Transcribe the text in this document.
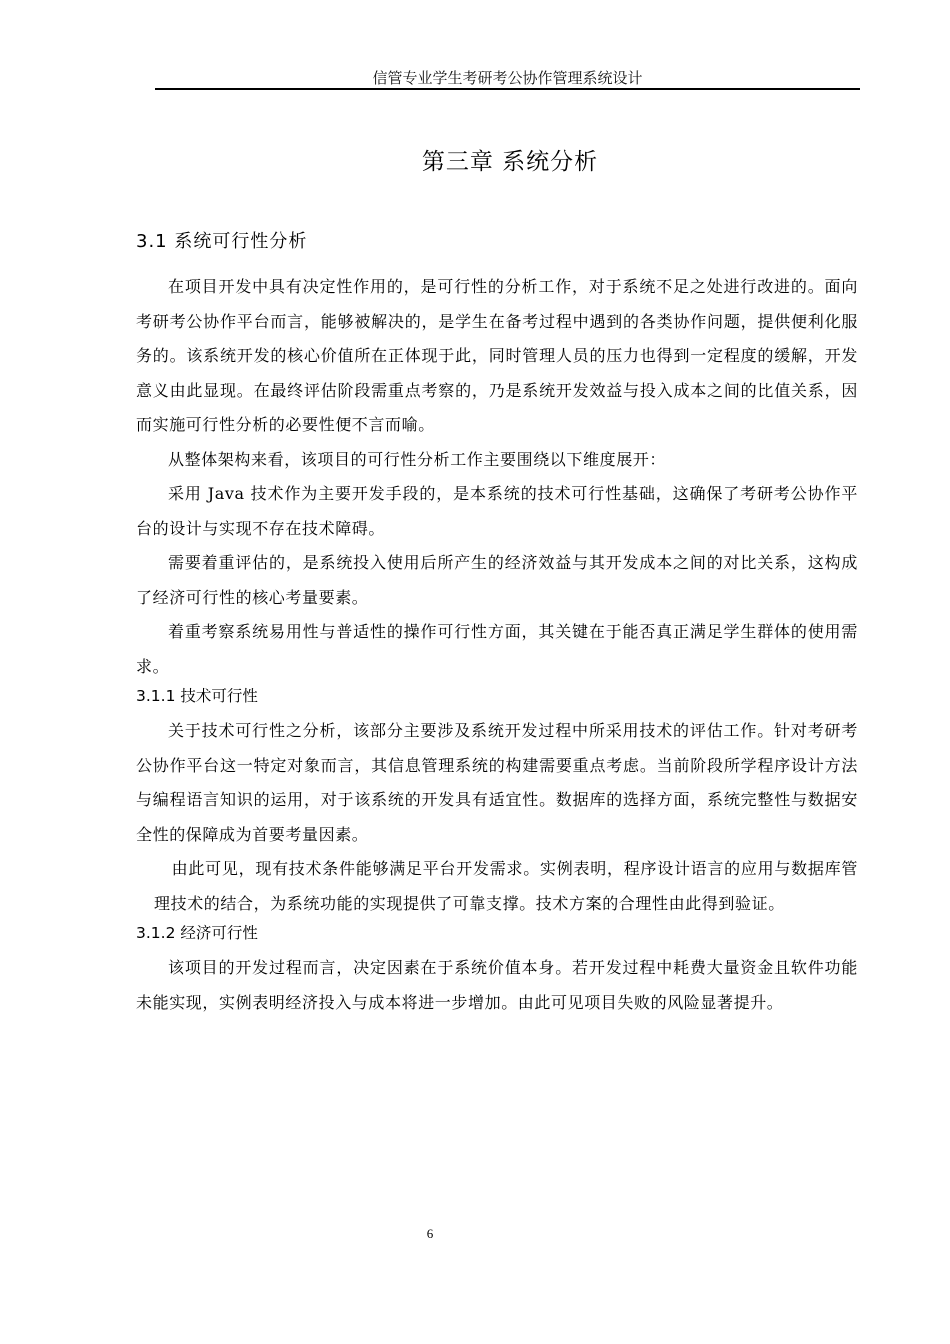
信管专业学生考研考公协作管理系统设计
第三章 系统分析
3.1 系统可行性分析

在项目开发中具有决定性作用的，是可行性的分析工作，对于系统不足之处进行改进的。面向考研考公协作平台而言，能够被解决的，是学生在备考过程中遇到的各类协作问题，提供便利化服务的。该系统开发的核心价值所在正体现于此，同时管理人员的压力也得到一定程度的缓解，开发意义由此显现。在最终评估阶段需重点考察的，乃是系统开发效益与投入成本之间的比值关系，因而实施可行性分析的必要性便不言而喻。

从整体架构来看，该项目的可行性分析工作主要围绕以下维度展开：

采用 Java 技术作为主要开发手段的，是本系统的技术可行性基础，这确保了考研考公协作平台的设计与实现不存在技术障碍。

需要着重评估的，是系统投入使用后所产生的经济效益与其开发成本之间的对比关系，这构成了经济可行性的核心考量要素。

着重考察系统易用性与普适性的操作可行性方面，其关键在于能否真正满足学生群体的使用需求。

3.1.1 技术可行性

关于技术可行性之分析，该部分主要涉及系统开发过程中所采用技术的评估工作。针对考研考公协作平台这一特定对象而言，其信息管理系统的构建需要重点考虑。当前阶段所学程序设计方法与编程语言知识的运用，对于该系统的开发具有适宜性。数据库的选择方面，系统完整性与数据安全性的保障成为首要考量因素。

由此可见，现有技术条件能够满足平台开发需求。实例表明，程序设计语言的应用与数据库管理技术的结合，为系统功能的实现提供了可靠支撑。技术方案的合理性由此得到验证。

3.1.2 经济可行性

该项目的开发过程而言，决定因素在于系统价值本身。若开发过程中耗费大量资金且软件功能未能实现，实例表明经济投入与成本将进一步增加。由此可见项目失败的风险显著提升。

6
